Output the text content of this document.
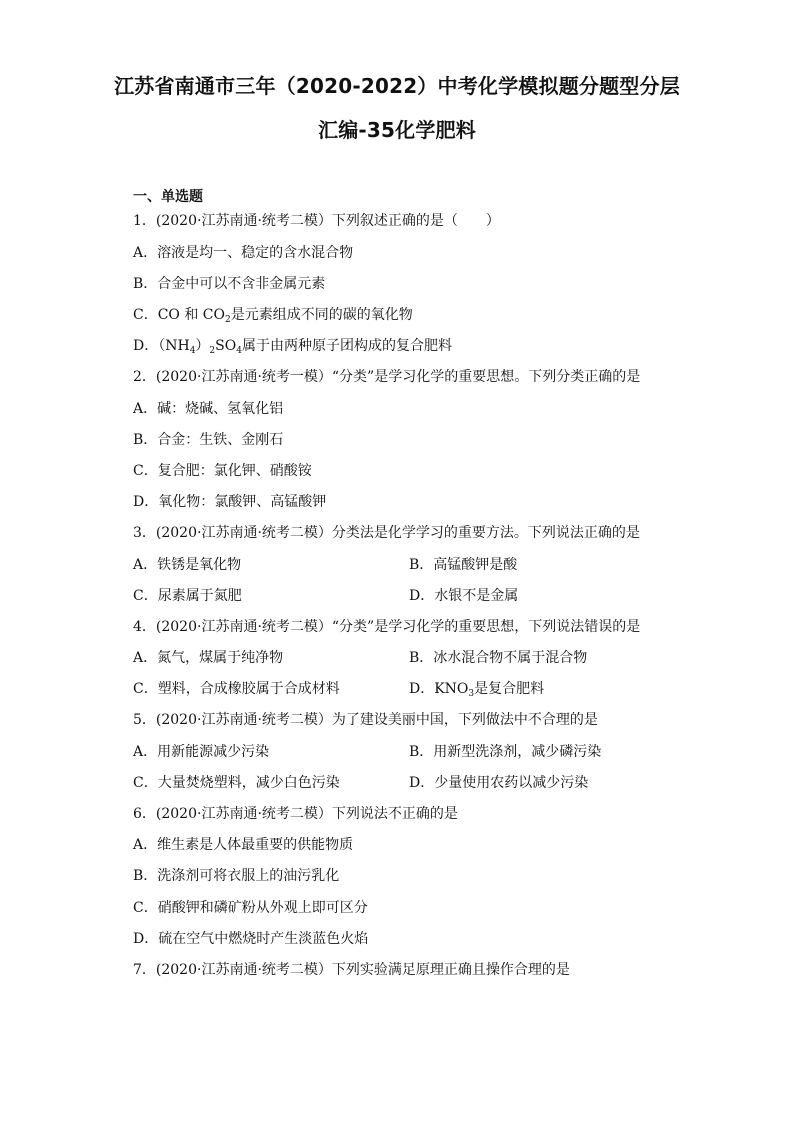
江苏省南通市三年（2020-2022）中考化学模拟题分题型分层
汇编-35化学肥料
一、单选题
1．(2020·江苏南通·统考二模）下列叙述正确的是（　　）
A．溶液是均一、稳定的含水混合物
B．合金中可以不含非金属元素
C．CO 和 $CO_2$是元素组成不同的碳的氧化物
D．$(NH_4)_2SO_4$属于由两种原子团构成的复合肥料
2．(2020·江苏南通·统考一模）“分类”是学习化学的重要思想。下列分类正确的是
A．碱：烧碱、氢氧化铝
B．合金：生铁、金刚石
C．复合肥：氯化钾、硝酸铵
D．氧化物：氯酸钾、高锰酸钾
3．(2020·江苏南通·统考二模）分类法是化学学习的重要方法。下列说法正确的是
A．铁锈是氧化物	B．高锰酸钾是酸
C．尿素属于氮肥	D．水银不是金属
4．(2020·江苏南通·统考二模）“分类”是学习化学的重要思想，下列说法错误的是
A．氮气，煤属于纯净物	B．冰水混合物不属于混合物
C．塑料，合成橡胶属于合成材料	D．$KNO_3$是复合肥料
5．(2020·江苏南通·统考二模）为了建设美丽中国，下列做法中不合理的是
A．用新能源减少污染	B．用新型洗涤剂，减少磷污染
C．大量焚烧塑料，减少白色污染	D．少量使用农药以减少污染
6．(2020·江苏南通·统考二模）下列说法不正确的是
A．维生素是人体最重要的供能物质
B．洗涤剂可将衣服上的油污乳化
C．硝酸钾和磷矿粉从外观上即可区分
D．硫在空气中燃烧时产生淡蓝色火焰
7．(2020·江苏南通·统考二模）下列实验满足原理正确且操作合理的是
